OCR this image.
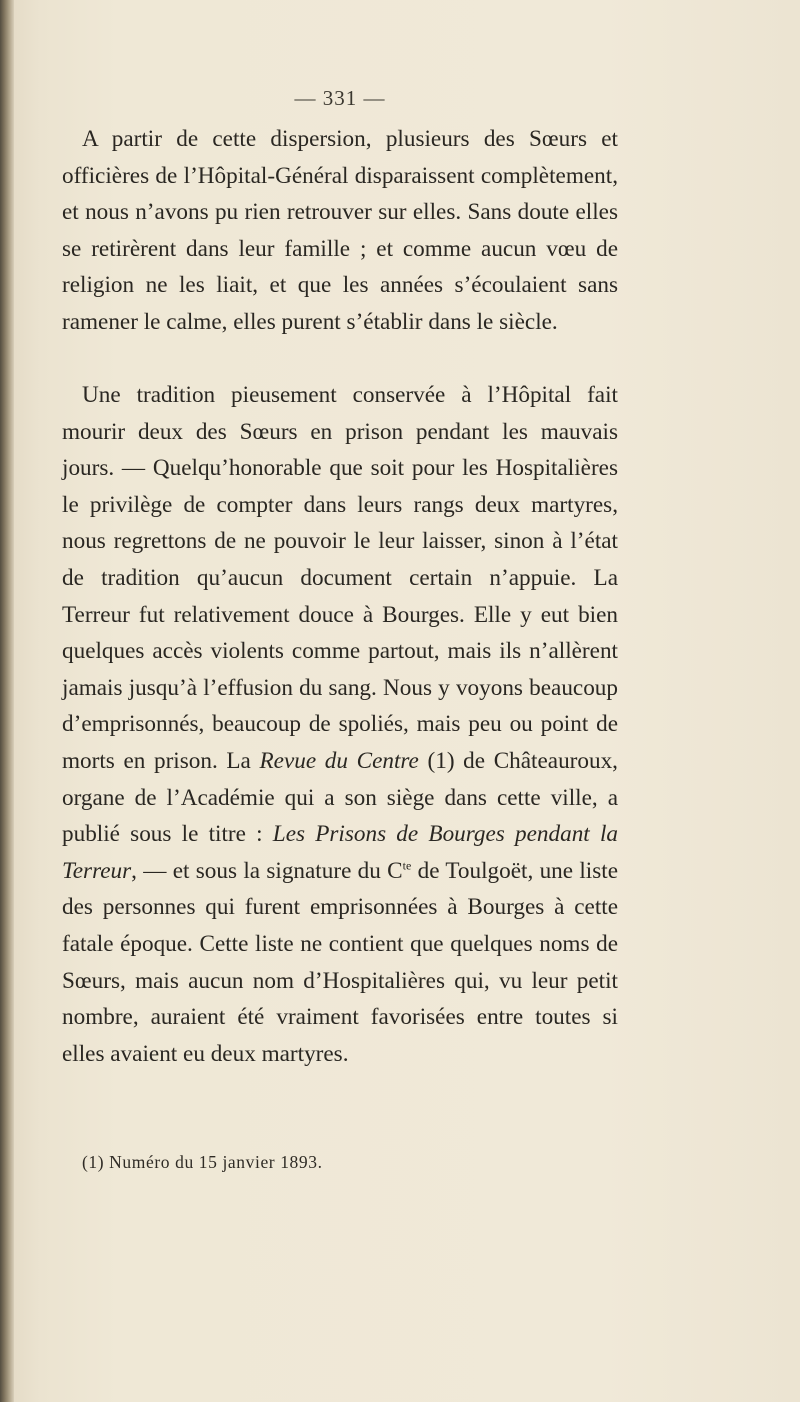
— 331 —

A partir de cette dispersion, plusieurs des Sœurs et officières de l’Hôpital-Général disparaissent complètement, et nous n’avons pu rien retrouver sur elles. Sans doute elles se retirèrent dans leur famille ; et comme aucun vœu de religion ne les liait, et que les années s’écoulaient sans ramener le calme, elles purent s’établir dans le siècle.

Une tradition pieusement conservée à l’Hôpital fait mourir deux des Sœurs en prison pendant les mauvais jours. — Quelqu’honorable que soit pour les Hospitalières le privilège de compter dans leurs rangs deux martyres, nous regrettons de ne pouvoir le leur laisser, sinon à l’état de tradition qu’aucun document certain n’appuie. La Terreur fut relativement douce à Bourges. Elle y eut bien quelques accès violents comme partout, mais ils n’allèrent jamais jusqu’à l’effusion du sang. Nous y voyons beaucoup d’emprisonnés, beaucoup de spoliés, mais peu ou point de morts en prison. La Revue du Centre (1) de Châteauroux, organe de l’Académie qui a son siège dans cette ville, a publié sous le titre : Les Prisons de Bourges pendant la Terreur, — et sous la signature du $C^{te}$ de Toulgoët, une liste des personnes qui furent emprisonnées à Bourges à cette fatale époque. Cette liste ne contient que quelques noms de Sœurs, mais aucun nom d’Hospitalières qui, vu leur petit nombre, auraient été vraiment favorisées entre toutes si elles avaient eu deux martyres.

(1) Numéro du 15 janvier 1893.
